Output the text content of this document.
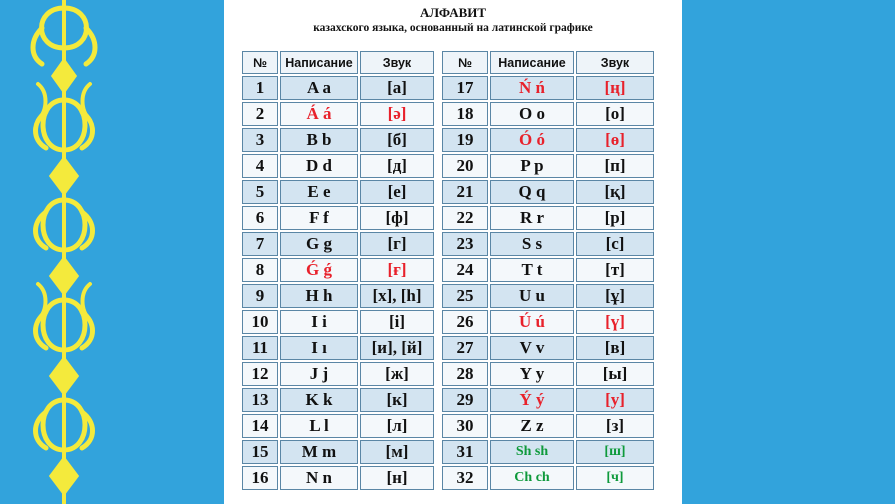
АЛФАВИТ
казахского языка, основанный на латинской графике
№	Написание	Звук
1	A a	[а]
2	Á á	[ә]
3	B b	[б]
4	D d	[д]
5	E e	[е]
6	F f	[ф]
7	G g	[г]
8	Ǵ ǵ	[ғ]
9	H h	[х], [һ]
10	I i	[і]
11	I ı	[и], [й]
12	J j	[ж]
13	K k	[к]
14	L l	[л]
15	M m	[м]
16	N n	[н]
№	Написание	Звук
17	Ń ń	[ң]
18	O o	[о]
19	Ó ó	[ө]
20	P p	[п]
21	Q q	[қ]
22	R r	[р]
23	S s	[с]
24	T t	[т]
25	U u	[ұ]
26	Ú ú	[ү]
27	V v	[в]
28	Y y	[ы]
29	Ý ý	[у]
30	Z z	[з]
31	Sh sh	[ш]
32	Ch ch	[ч]
